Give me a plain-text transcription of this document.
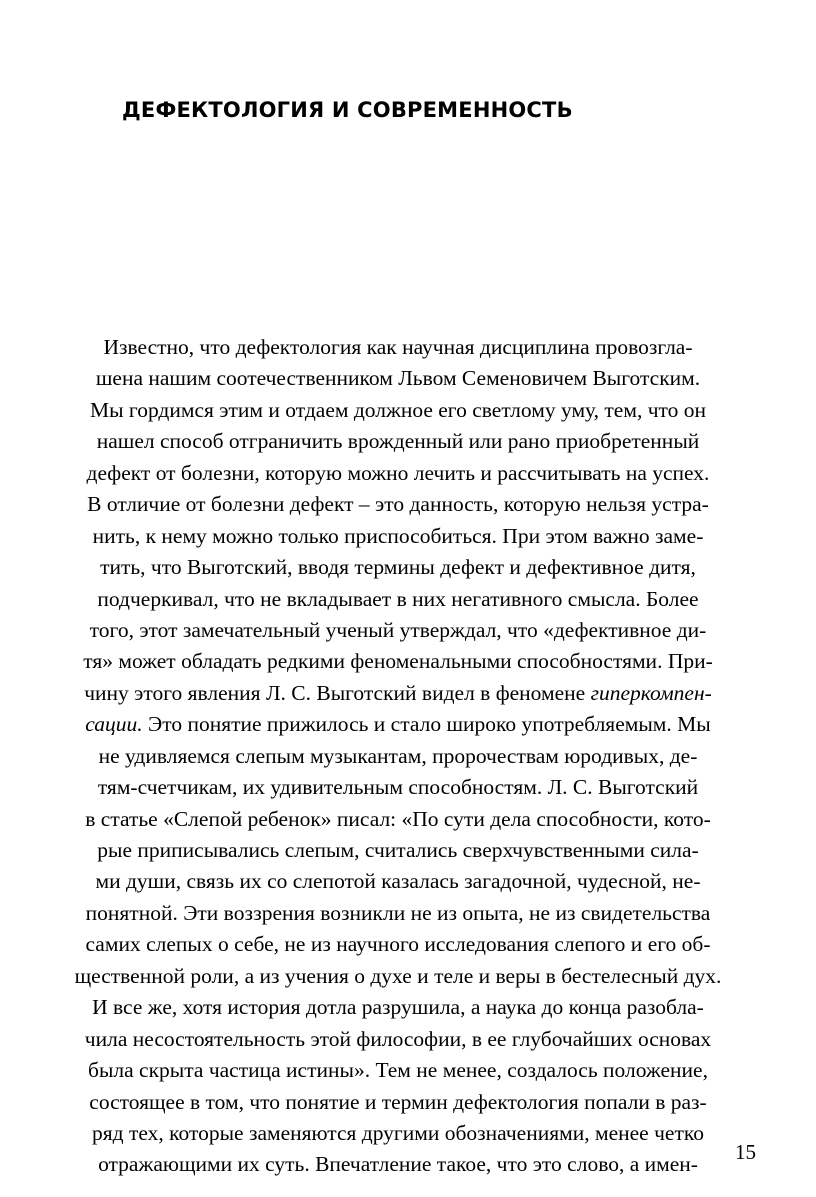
ДЕФЕКТОЛОГИЯ И СОВРЕМЕННОСТЬ
Известно, что дефектология как научная дисциплина провозгла-
шена нашим соотечественником Львом Семеновичем Выготским.
Мы гордимся этим и отдаем должное его светлому уму, тем, что он
нашел способ отграничить врожденный или рано приобретенный
дефект от болезни, которую можно лечить и рассчитывать на успех.
В отличие от болезни дефект – это данность, которую нельзя устра-
нить, к нему можно только приспособиться. При этом важно заме-
тить, что Выготский, вводя термины дефект и дефективное дитя,
подчеркивал, что не вкладывает в них негативного смысла. Более
того, этот замечательный ученый утверждал, что «дефективное ди-
тя» может обладать редкими феноменальными способностями. При-
чину этого явления Л. С. Выготский видел в феномене гиперкомпен-
сации. Это понятие прижилось и стало широко употребляемым. Мы
не удивляемся слепым музыкантам, пророчествам юродивых, де-
тям-счетчикам, их удивительным способностям. Л. С. Выготский
в статье «Слепой ребенок» писал: «По сути дела способности, кото-
рые приписывались слепым, считались сверхчувственными сила-
ми души, связь их со слепотой казалась загадочной, чудесной, не-
понятной. Эти воззрения возникли не из опыта, не из свидетельства
самих слепых о себе, не из научного исследования слепого и его об-
щественной роли, а из учения о духе и теле и веры в бестелесный дух.
И все же, хотя история дотла разрушила, а наука до конца разобла-
чила несостоятельность этой философии, в ее глубочайших основах
была скрыта частица истины». Тем не менее, создалось положение,
состоящее в том, что понятие и термин дефектология попали в раз-
ряд тех, которые заменяются другими обозначениями, менее четко
отражающими их суть. Впечатление такое, что это слово, а имен-
15
